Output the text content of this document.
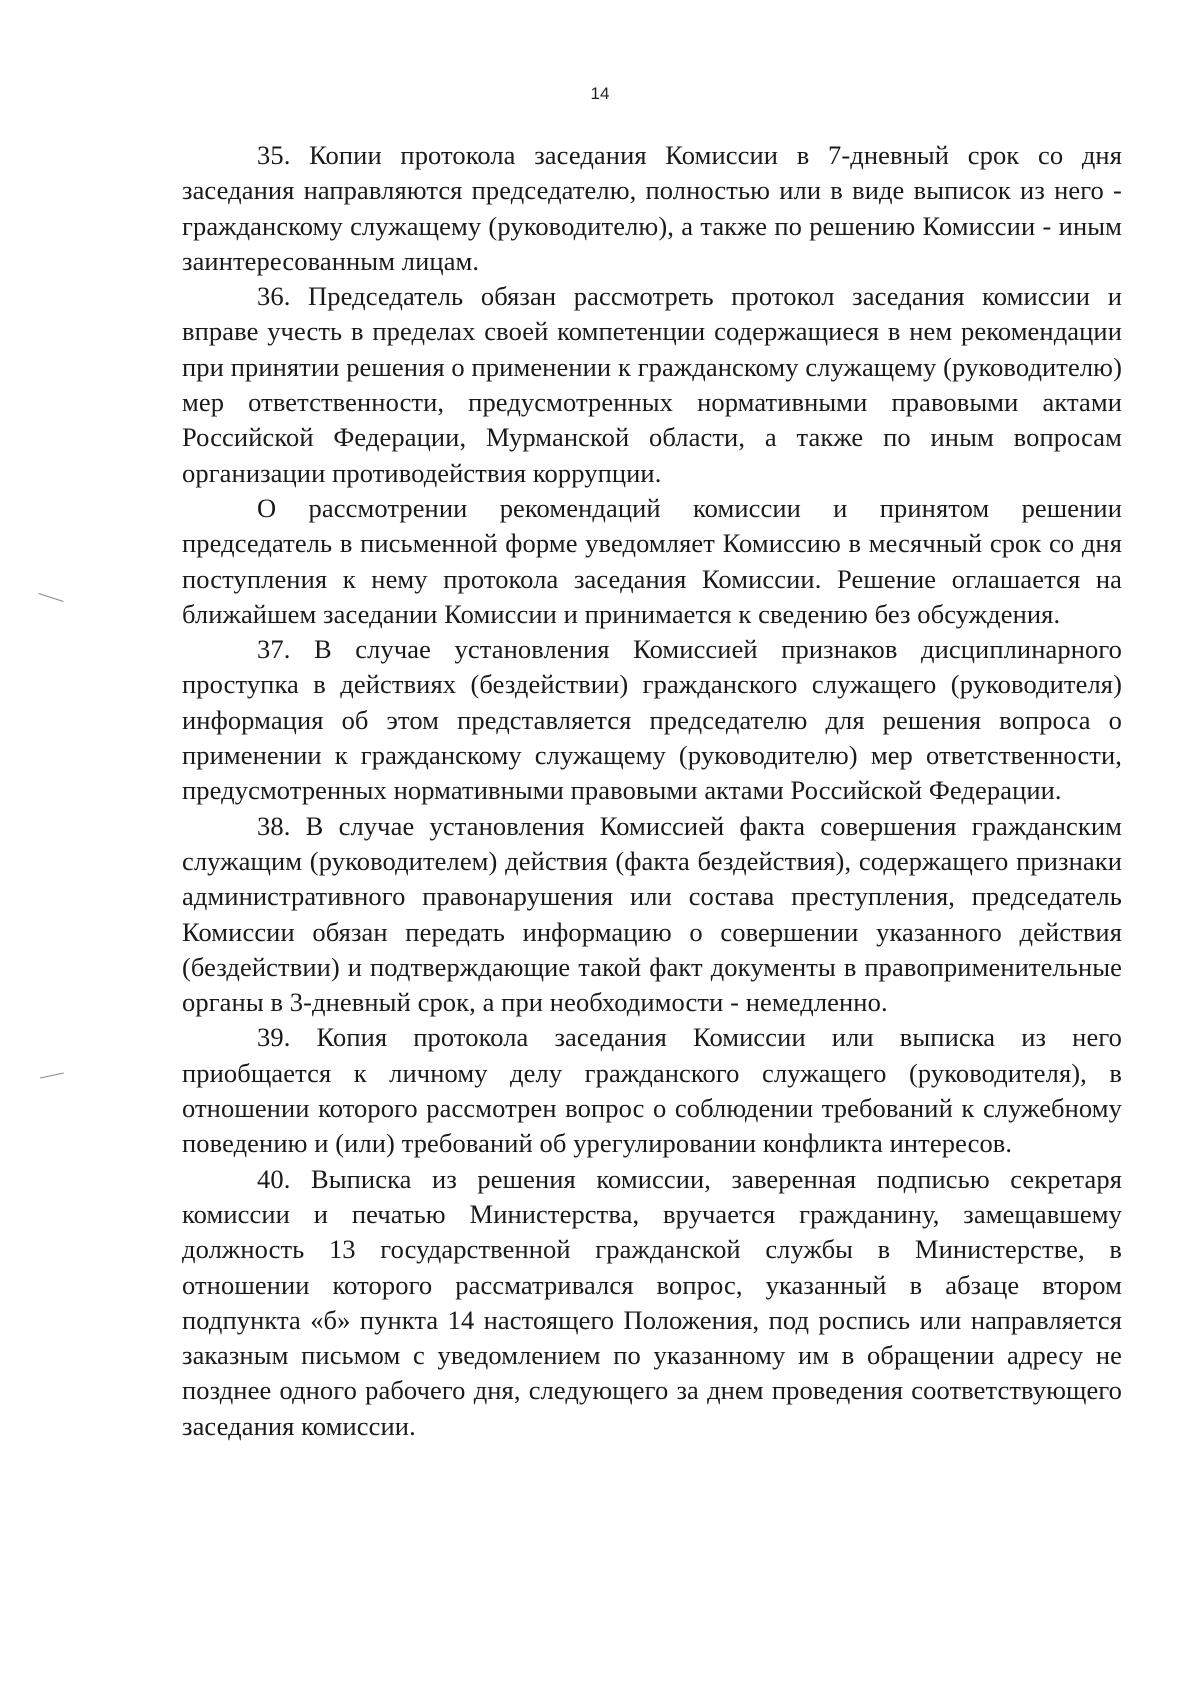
14

35. Копии протокола заседания Комиссии в 7-дневный срок со дня заседания направляются председателю, полностью или в виде выписок из него - гражданскому служащему (руководителю), а также по решению Комиссии - иным заинтересованным лицам.

36. Председатель обязан рассмотреть протокол заседания комиссии и вправе учесть в пределах своей компетенции содержащиеся в нем рекомендации при принятии решения о применении к гражданскому служащему (руководителю) мер ответственности, предусмотренных нормативными правовыми актами Российской Федерации, Мурманской области, а также по иным вопросам организации противодействия коррупции.

О рассмотрении рекомендаций комиссии и принятом решении председатель в письменной форме уведомляет Комиссию в месячный срок со дня поступления к нему протокола заседания Комиссии. Решение оглашается на ближайшем заседании Комиссии и принимается к сведению без обсуждения.

37. В случае установления Комиссией признаков дисциплинарного проступка в действиях (бездействии) гражданского служащего (руководителя) информация об этом представляется председателю для решения вопроса о применении к гражданскому служащему (руководителю) мер ответственности, предусмотренных нормативными правовыми актами Российской Федерации.

38. В случае установления Комиссией факта совершения гражданским служащим (руководителем) действия (факта бездействия), содержащего признаки административного правонарушения или состава преступления, председатель Комиссии обязан передать информацию о совершении указанного действия (бездействии) и подтверждающие такой факт документы в правоприменительные органы в 3-дневный срок, а при необходимости - немедленно.

39. Копия протокола заседания Комиссии или выписка из него приобщается к личному делу гражданского служащего (руководителя), в отношении которого рассмотрен вопрос о соблюдении требований к служебному поведению и (или) требований об урегулировании конфликта интересов.

40. Выписка из решения комиссии, заверенная подписью секретаря комиссии и печатью Министерства, вручается гражданину, замещавшему должность 13 государственной гражданской службы в Министерстве, в отношении которого рассматривался вопрос, указанный в абзаце втором подпункта «б» пункта 14 настоящего Положения, под роспись или направляется заказным письмом с уведомлением по указанному им в обращении адресу не позднее одного рабочего дня, следующего за днем проведения соответствующего заседания комиссии.
